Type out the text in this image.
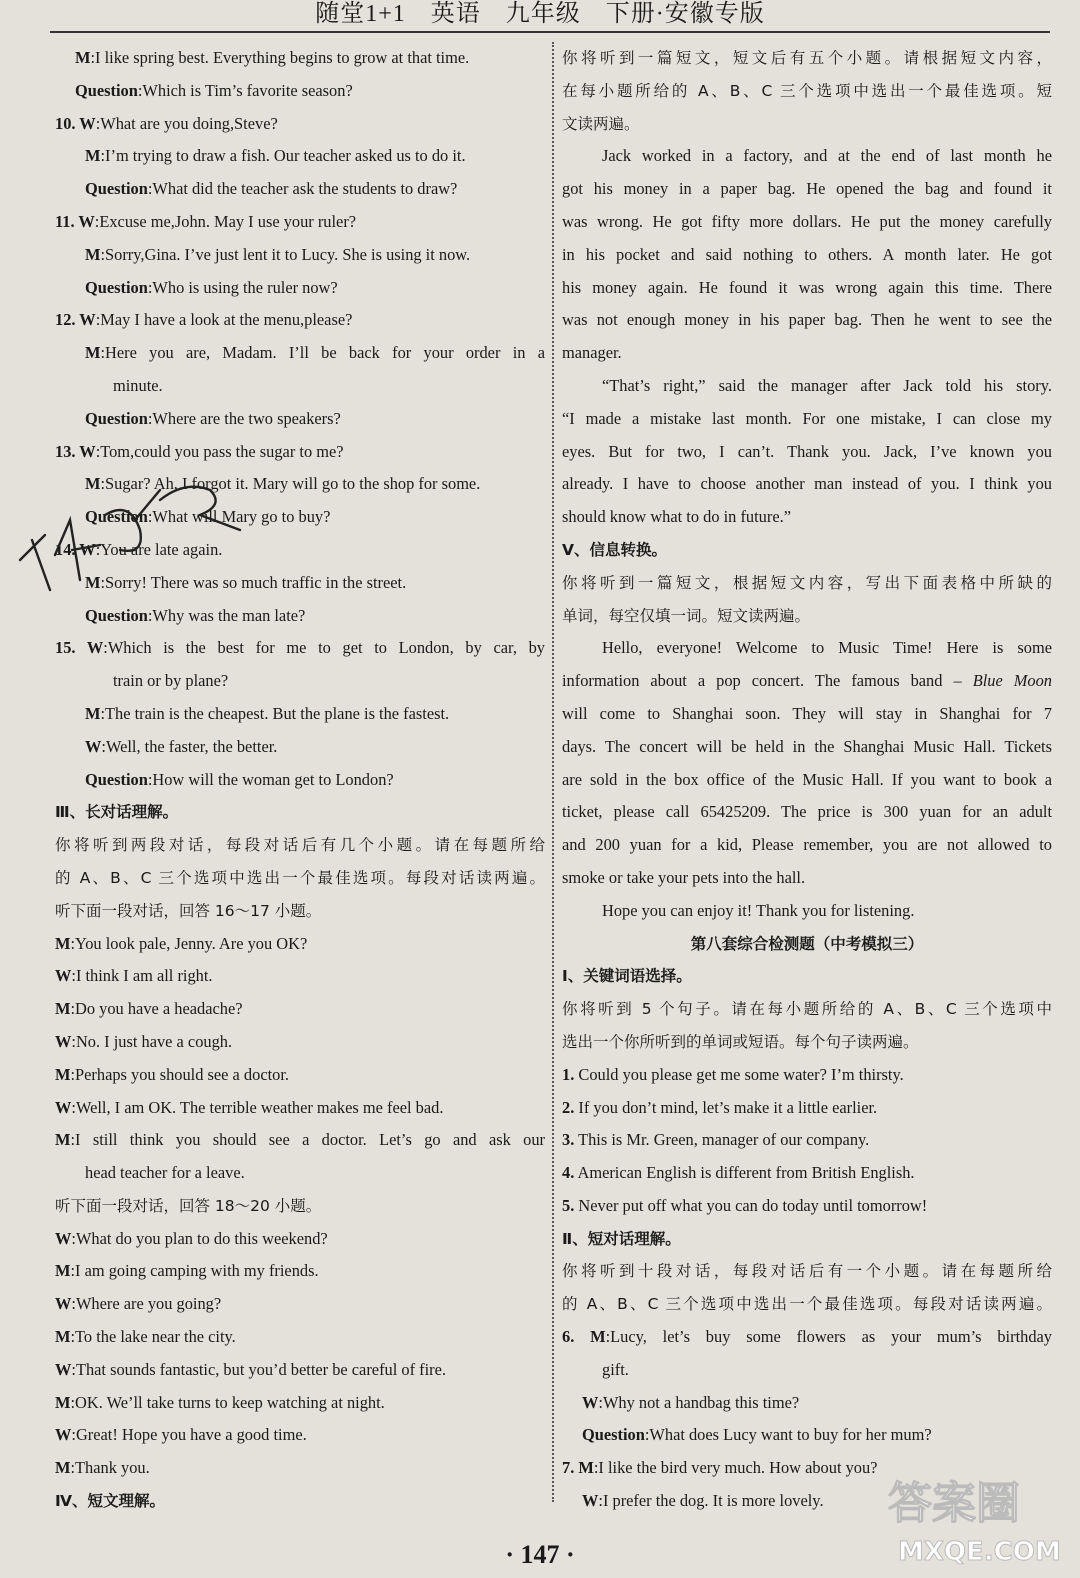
随堂1+1　英语　九年级　下册·安徽专版
M:I like spring best. Everything begins to grow at that time.
Question:Which is Tim’s favorite season?
10. W:What are you doing,Steve?
M:I’m trying to draw a fish. Our teacher asked us to do it.
Question:What did the teacher ask the students to draw?
11. W:Excuse me,John. May I use your ruler?
M:Sorry,Gina. I’ve just lent it to Lucy. She is using it now.
Question:Who is using the ruler now?
12. W:May I have a look at the menu,please?
M:Here you are, Madam. I’ll be back for your order in a
minute.
Question:Where are the two speakers?
13. W:Tom,could you pass the sugar to me?
M:Sugar? Ah, I forgot it. Mary will go to the shop for some.
Question:What will Mary go to buy?
14. W:You are late again.
M:Sorry! There was so much traffic in the street.
Question:Why was the man late?
15. W:Which is the best for me to get to London, by car, by
train or by plane?
M:The train is the cheapest. But the plane is the fastest.
W:Well, the faster, the better.
Question:How will the woman get to London?
Ⅲ、长对话理解。
你将听到两段对话，每段对话后有几个小题。请在每题所给
的 A、B、C 三个选项中选出一个最佳选项。每段对话读两遍。
听下面一段对话，回答 16～17 小题。
M:You look pale, Jenny. Are you OK?
W:I think I am all right.
M:Do you have a headache?
W:No. I just have a cough.
M:Perhaps you should see a doctor.
W:Well, I am OK. The terrible weather makes me feel bad.
M:I still think you should see a doctor. Let’s go and ask our
head teacher for a leave.
听下面一段对话，回答 18～20 小题。
W:What do you plan to do this weekend?
M:I am going camping with my friends.
W:Where are you going?
M:To the lake near the city.
W:That sounds fantastic, but you’d better be careful of fire.
M:OK. We’ll take turns to keep watching at night.
W:Great! Hope you have a good time.
M:Thank you.
Ⅳ、短文理解。
你将听到一篇短文，短文后有五个小题。请根据短文内容，
在每小题所给的 A、B、C 三个选项中选出一个最佳选项。短
文读两遍。
Jack worked in a factory, and at the end of last month he
got his money in a paper bag. He opened the bag and found it
was wrong. He got fifty more dollars. He put the money carefully
in his pocket and said nothing to others. A month later. He got
his money again. He found it was wrong again this time. There
was not enough money in his paper bag. Then he went to see the
manager.
“That’s right,” said the manager after Jack told his story.
“I made a mistake last month. For one mistake, I can close my
eyes. But for two, I can’t. Thank you. Jack, I’ve known you
already. I have to choose another man instead of you. I think you
should know what to do in future.”
Ⅴ、信息转换。
你将听到一篇短文，根据短文内容，写出下面表格中所缺的
单词，每空仅填一词。短文读两遍。
Hello, everyone! Welcome to Music Time! Here is some
information about a pop concert. The famous band – Blue Moon
will come to Shanghai soon. They will stay in Shanghai for 7
days. The concert will be held in the Shanghai Music Hall. Tickets
are sold in the box office of the Music Hall. If you want to book a
ticket, please call 65425209. The price is 300 yuan for an adult
and 200 yuan for a kid, Please remember, you are not allowed to
smoke or take your pets into the hall.
Hope you can enjoy it! Thank you for listening.
第八套综合检测题（中考模拟三）
Ⅰ、关键词语选择。
你将听到 5 个句子。请在每小题所给的 A、B、C 三个选项中
选出一个你所听到的单词或短语。每个句子读两遍。
1. Could you please get me some water? I’m thirsty.
2. If you don’t mind, let’s make it a little earlier.
3. This is Mr. Green, manager of our company.
4. American English is different from British English.
5. Never put off what you can do today until tomorrow!
Ⅱ、短对话理解。
你将听到十段对话，每段对话后有一个小题。请在每题所给
的 A、B、C 三个选项中选出一个最佳选项。每段对话读两遍。
6. M:Lucy, let’s buy some flowers as your mum’s birthday
gift.
W:Why not a handbag this time?
Question:What does Lucy want to buy for her mum?
7. M:I like the bird very much. How about you?
W:I prefer the dog. It is more lovely.
· 147 ·
答案圈
MXQE.COM
